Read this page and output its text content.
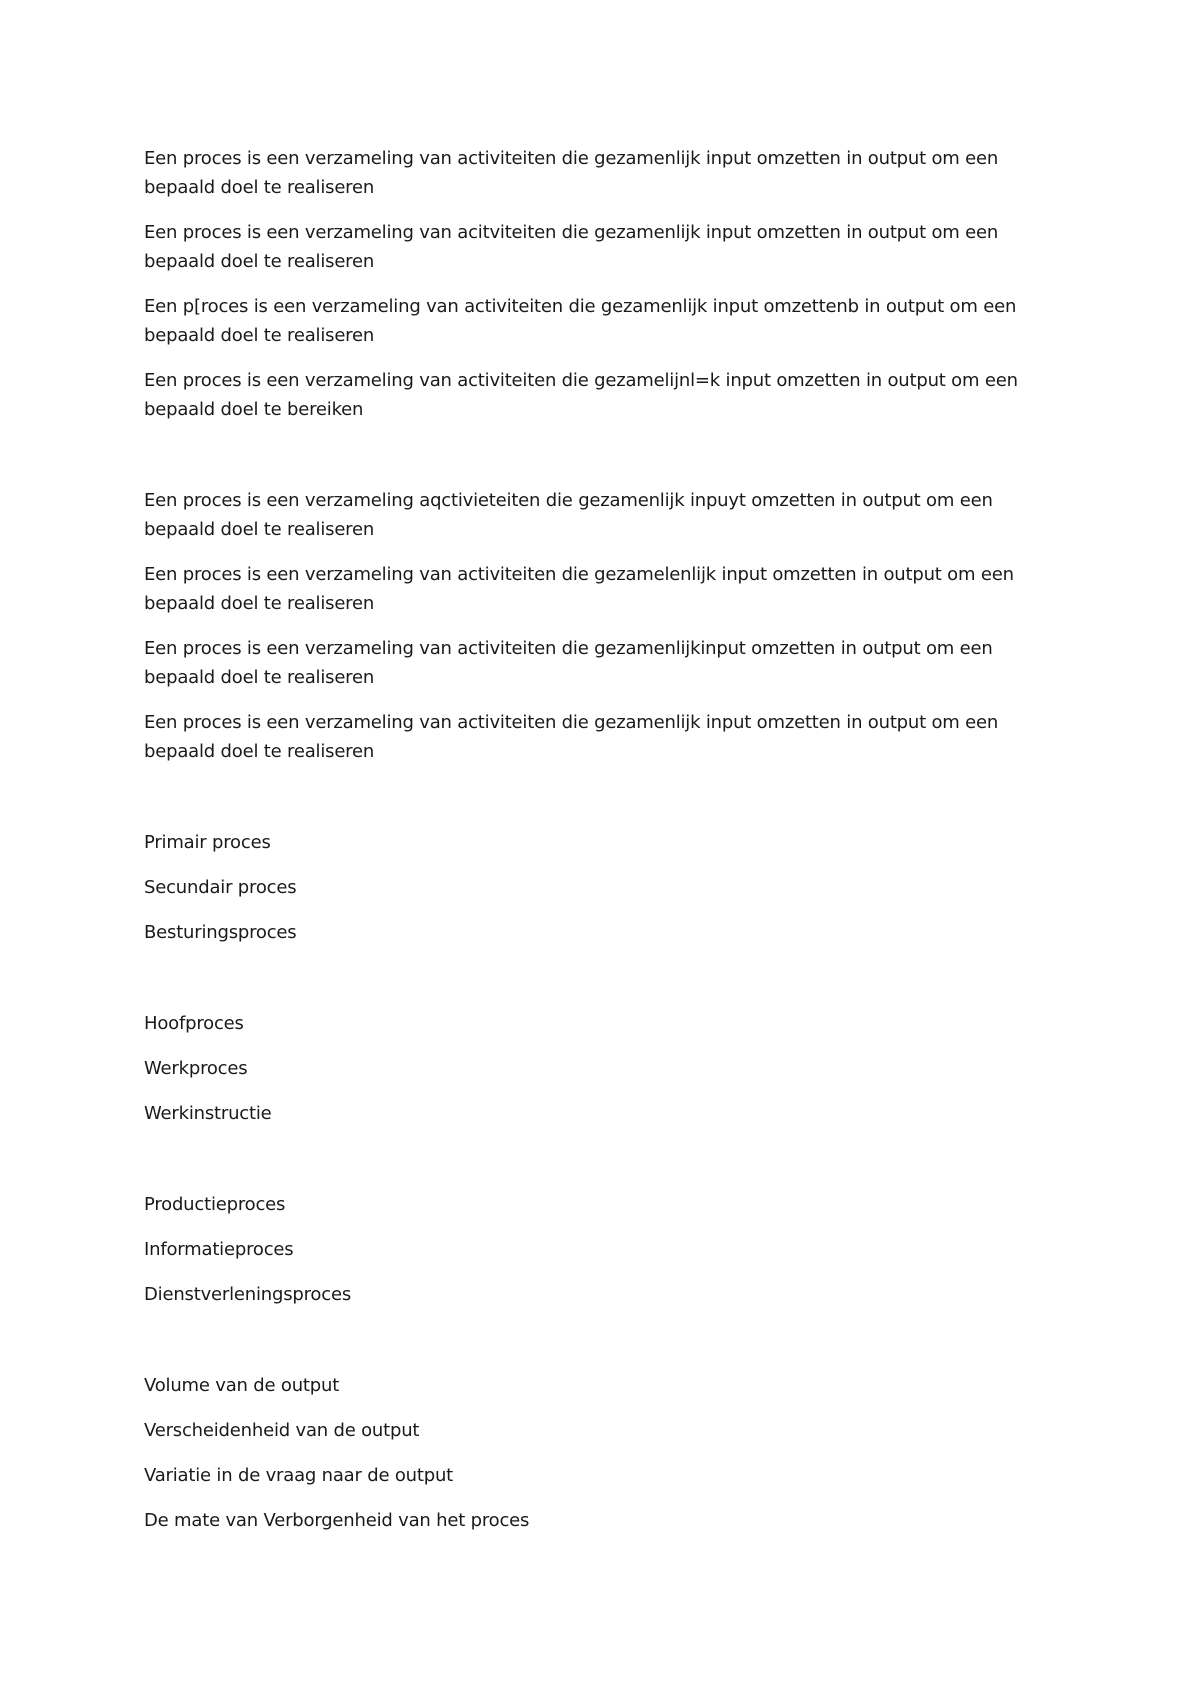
Een proces is een verzameling van activiteiten die gezamenlijk input omzetten in output om een bepaald doel te realiseren

Een proces is een verzameling van acitviteiten die gezamenlijk input omzetten in output om een bepaald doel te realiseren

Een p[roces is een verzameling van activiteiten die gezamenlijk input omzettenb in output om een bepaald doel te realiseren

Een proces is een verzameling van activiteiten die gezamelijnl=k input omzetten in output om een bepaald doel te bereiken

Een proces is een verzameling aqctivieteiten die gezamenlijk inpuyt omzetten in output om een bepaald doel te realiseren

Een proces is een verzameling van activiteiten die gezamelenlijk input omzetten in output om een bepaald doel te realiseren

Een proces is een verzameling van activiteiten die gezamenlijkinput omzetten in output om een bepaald doel te realiseren

Een proces is een verzameling van activiteiten die gezamenlijk input omzetten in output om een bepaald doel te realiseren

Primair proces

Secundair proces

Besturingsproces

Hoofproces

Werkproces

Werkinstructie

Productieproces

Informatieproces

Dienstverleningsproces

Volume van de output

Verscheidenheid van de output

Variatie in de vraag naar de output

De mate van Verborgenheid van het proces
